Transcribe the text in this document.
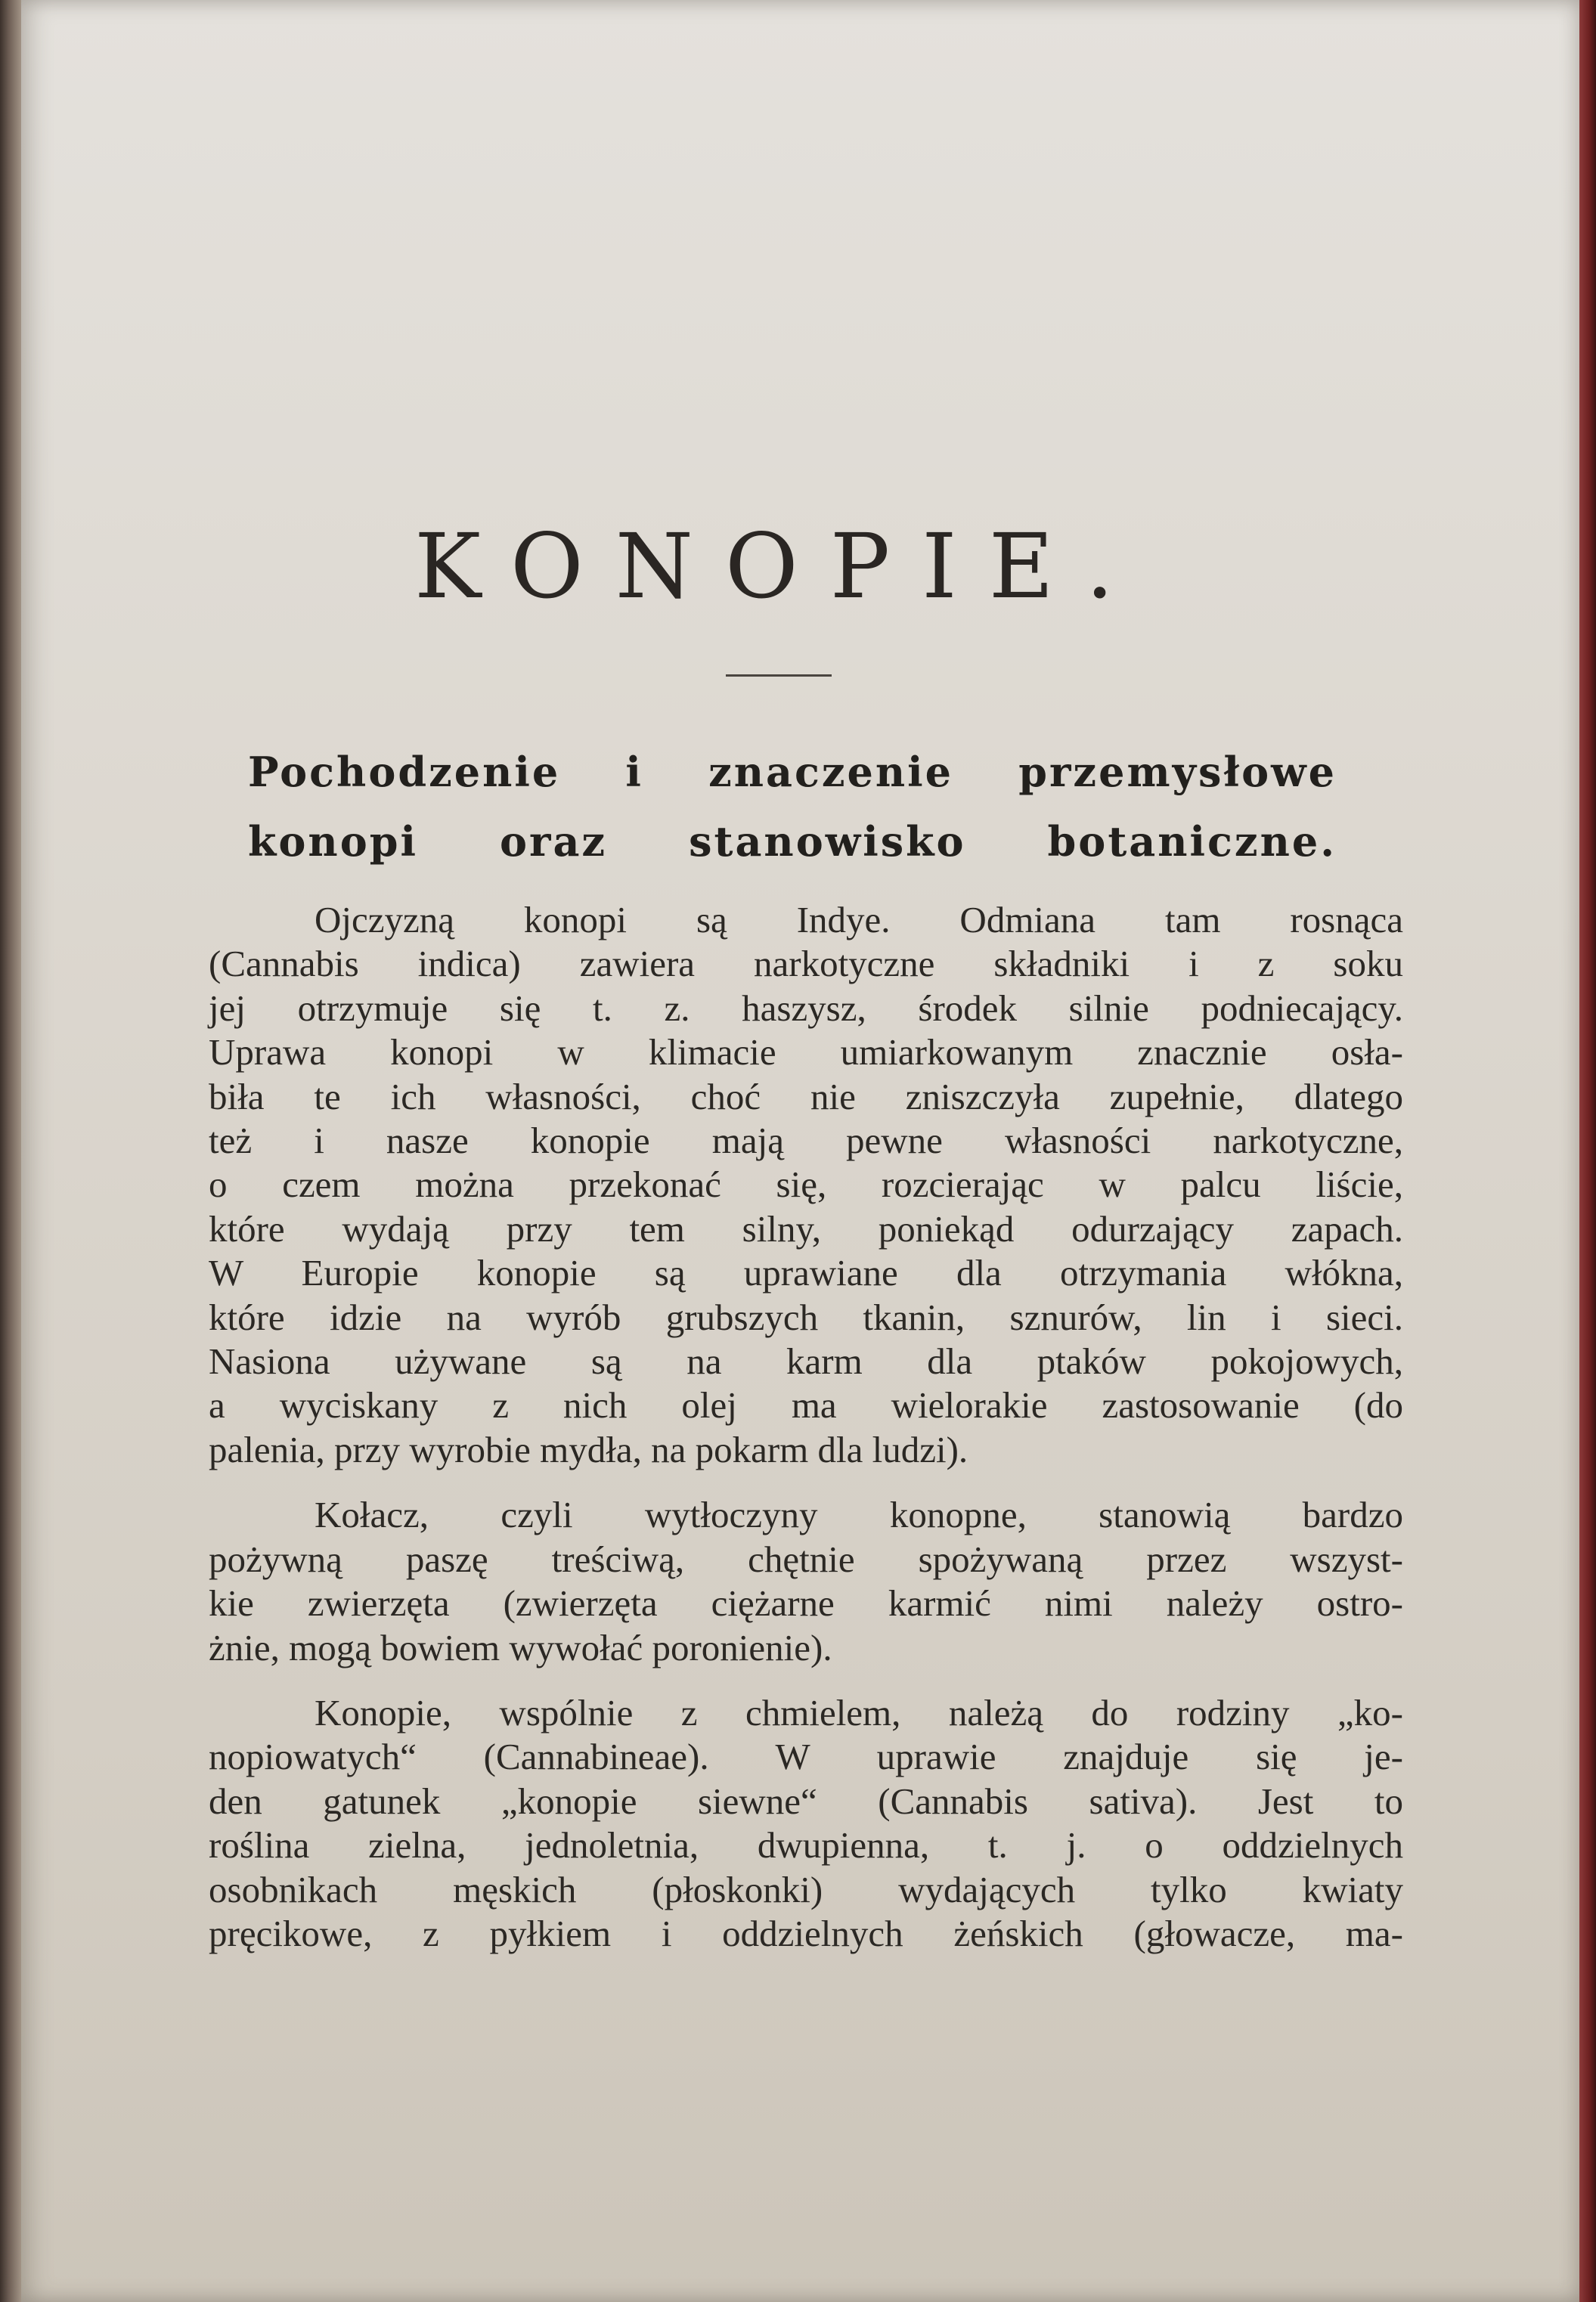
KONOPIE.
Pochodzenie i znaczenie przemysłowe
konopi oraz stanowisko botaniczne.
Ojczyzną konopi są Indye. Odmiana tam rosnąca
(Cannabis indica) zawiera narkotyczne składniki i z soku
jej otrzymuje się t. z. haszysz, środek silnie podniecający.
Uprawa konopi w klimacie umiarkowanym znacznie osła-
biła te ich własności, choć nie zniszczyła zupełnie, dlatego
też i nasze konopie mają pewne własności narkotyczne,
o czem można przekonać się, rozcierając w palcu liście,
które wydają przy tem silny, poniekąd odurzający zapach.
W Europie konopie są uprawiane dla otrzymania włókna,
które idzie na wyrób grubszych tkanin, sznurów, lin i sieci.
Nasiona używane są na karm dla ptaków pokojowych,
a wyciskany z nich olej ma wielorakie zastosowanie (do
palenia, przy wyrobie mydła, na pokarm dla ludzi).
Kołacz, czyli wytłoczyny konopne, stanowią bardzo
pożywną paszę treściwą, chętnie spożywaną przez wszyst-
kie zwierzęta (zwierzęta ciężarne karmić nimi należy ostro-
żnie, mogą bowiem wywołać poronienie).
Konopie, wspólnie z chmielem, należą do rodziny „ko-
nopiowatych“ (Cannabineae). W uprawie znajduje się je-
den gatunek „konopie siewne“ (Cannabis sativa). Jest to
roślina zielna, jednoletnia, dwupienna, t. j. o oddzielnych
osobnikach męskich (płoskonki) wydających tylko kwiaty
pręcikowe, z pyłkiem i oddzielnych żeńskich (głowacze, ma-
